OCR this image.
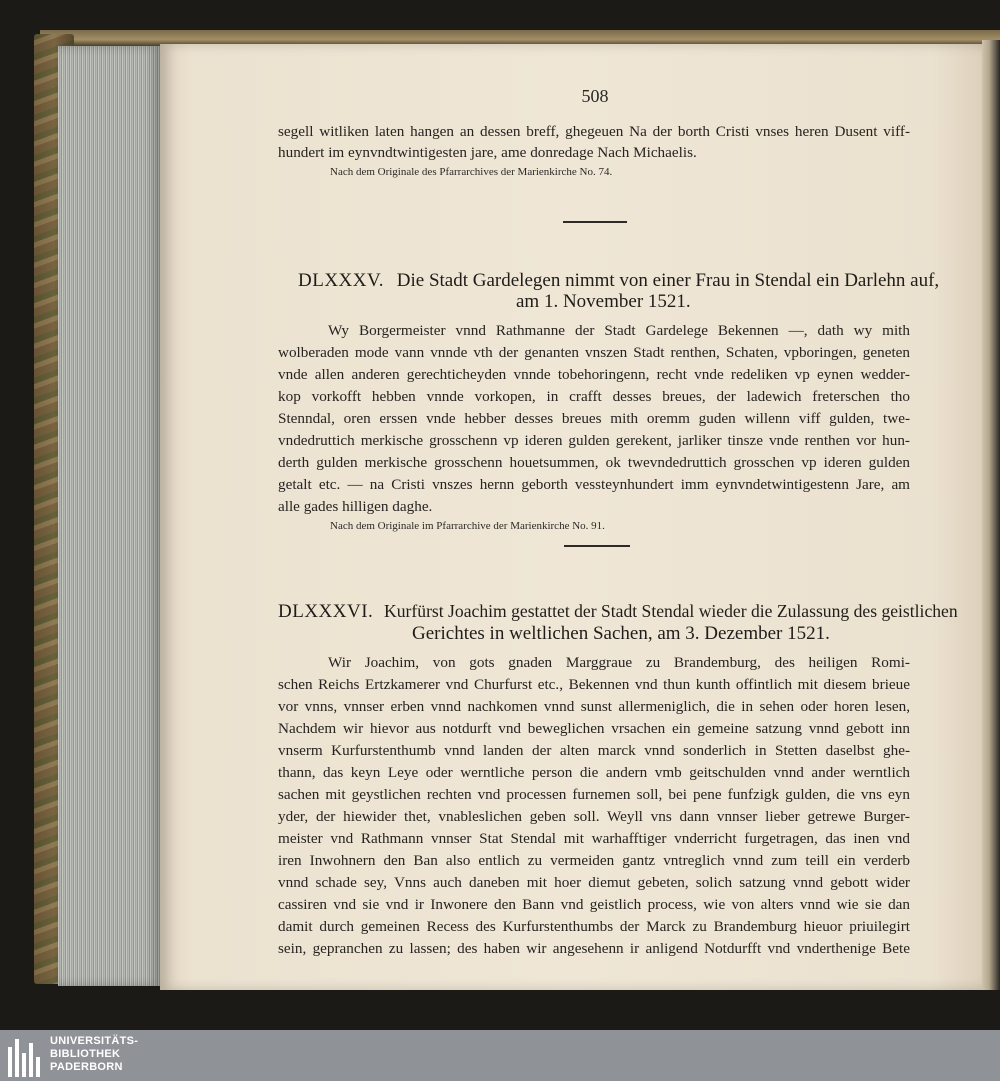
508
segell witliken laten hangen an dessen breff, ghegeuen Na der borth Cristi vnses heren Dusent viff-
hundert im eynvndtwintigesten jare, ame donredage Nach Michaelis.
Nach dem Originale des Pfarrarchives der Marienkirche No. 74.
DLXXXV. Die Stadt Gardelegen nimmt von einer Frau in Stendal ein Darlehn auf,
am 1. November 1521.
Wy Borgermeister vnnd Rathmanne der Stadt Gardelege Bekennen —, dath wy mith
wolberaden mode vann vnnde vth der genanten vnszen Stadt renthen, Schaten, vpboringen, geneten
vnde allen anderen gerechticheyden vnnde tobehoringenn, recht vnde redeliken vp eynen wedder-
kop vorkofft hebben vnnde vorkopen, in crafft desses breues, der ladewich freterschen tho
Stenndal, oren erssen vnde hebber desses breues mith oremm guden willenn viff gulden, twe-
vndedruttich merkische grosschenn vp ideren gulden gerekent, jarliker tinsze vnde renthen vor hun-
derth gulden merkische grosschenn houetsummen, ok twevndedruttich grosschen vp ideren gulden
getalt etc. — na Cristi vnszes hernn geborth vessteynhundert imm eynvndetwintigestenn Jare, am
alle gades hilligen daghe.
Nach dem Originale im Pfarrarchive der Marienkirche No. 91.
DLXXXVI. Kurfürst Joachim gestattet der Stadt Stendal wieder die Zulassung des geistlichen
Gerichtes in weltlichen Sachen, am 3. Dezember 1521.
Wir Joachim, von gots gnaden Marggraue zu Brandemburg, des heiligen Romi-
schen Reichs Ertzkamerer vnd Churfurst etc., Bekennen vnd thun kunth offintlich mit diesem brieue
vor vnns, vnnser erben vnnd nachkomen vnnd sunst allermeniglich, die in sehen oder horen lesen,
Nachdem wir hievor aus notdurft vnd beweglichen vrsachen ein gemeine satzung vnnd gebott inn
vnserm Kurfurstenthumb vnnd landen der alten marck vnnd sonderlich in Stetten daselbst ghe-
thann, das keyn Leye oder werntliche person die andern vmb geitschulden vnnd ander werntlich
sachen mit geystlichen rechten vnd processen furnemen soll, bei pene funfzigk gulden, die vns eyn
yder, der hiewider thet, vnableslichen geben soll. Weyll vns dann vnnser lieber getrewe Burger-
meister vnd Rathmann vnnser Stat Stendal mit warhafftiger vnderricht furgetragen, das inen vnd
iren Inwohnern den Ban also entlich zu vermeiden gantz vntreglich vnnd zum teill ein verderb
vnnd schade sey, Vnns auch daneben mit hoer diemut gebeten, solich satzung vnnd gebott wider
cassiren vnd sie vnd ir Inwonere den Bann vnd geistlich process, wie von alters vnnd wie sie dan
damit durch gemeinen Recess des Kurfurstenthumbs der Marck zu Brandemburg hieuor priuilegirt
sein, gepranchen zu lassen; des haben wir angesehenn ir anligend Notdurfft vnd vnderthenige Bete
UNIVERSITÄTS-
BIBLIOTHEK
PADERBORN
